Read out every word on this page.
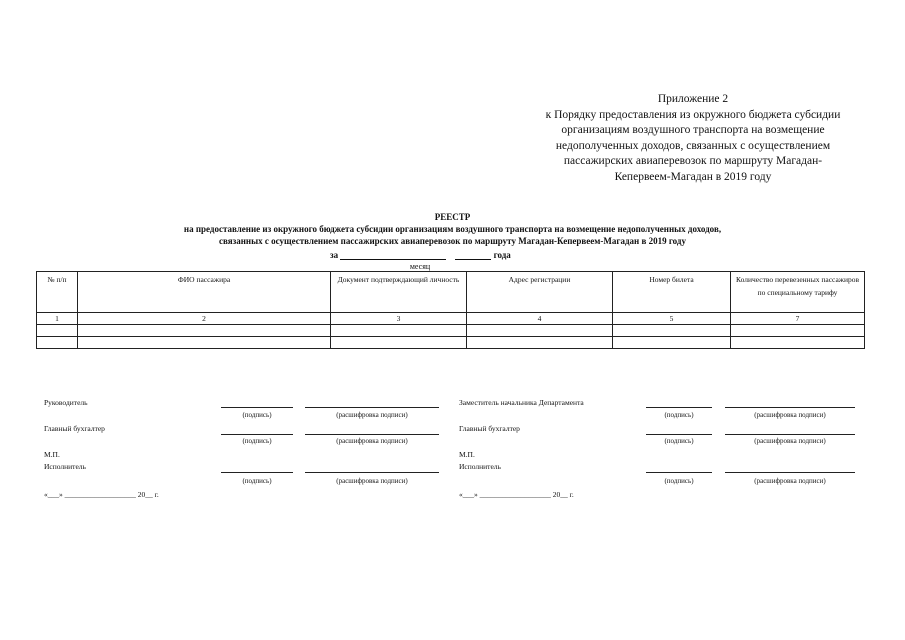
Приложение 2
к Порядку предоставления из окружного бюджета субсидии
организациям воздушного транспорта на возмещение
недополученных доходов, связанных с осуществлением
пассажирских авиаперевозок по маршруту Магадан-
Кепервеем-Магадан в 2019 году
РЕЕСТР
на предоставление из окружного бюджета субсидии организациям воздушного транспорта на возмещение недополученных доходов,
связанных с осуществлением пассажирских авиаперевозок по маршруту Магадан-Кепервеем-Магадан в 2019 году
за	года
месяц
№ п/п	ФИО пассажира	Документ подтверждающий личность	Адрес регистрации	Номер билета	Количество перевезенных пассажиров по специальному тарифу
1	2	3	4	5	7

Руководитель
(подпись)	(расшифровка подписи)
Главный бухгалтер
(подпись)	(расшифровка подписи)
М.П.
Исполнитель
(подпись)	(расшифровка подписи)
«___» ___________________ 20__ г.
Заместитель начальника Департамента
(подпись)	(расшифровка подписи)
Главный бухгалтер
(подпись)	(расшифровка подписи)
М.П.
Исполнитель
(подпись)	(расшифровка подписи)
«___» ___________________ 20__ г.
